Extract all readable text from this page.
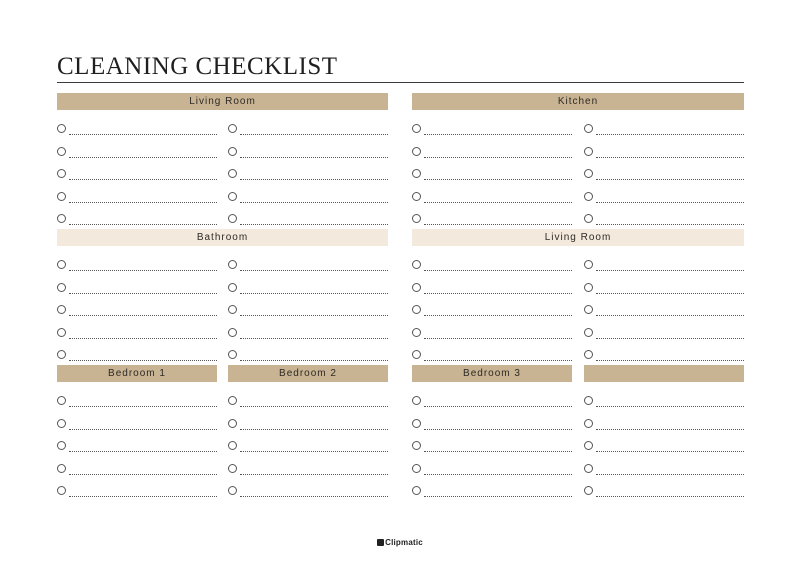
CLEANING CHECKLIST
Living Room	Kitchen
Bathroom	Living Room
Bedroom 1	Bedroom 2	Bedroom 3
Clipmatic
